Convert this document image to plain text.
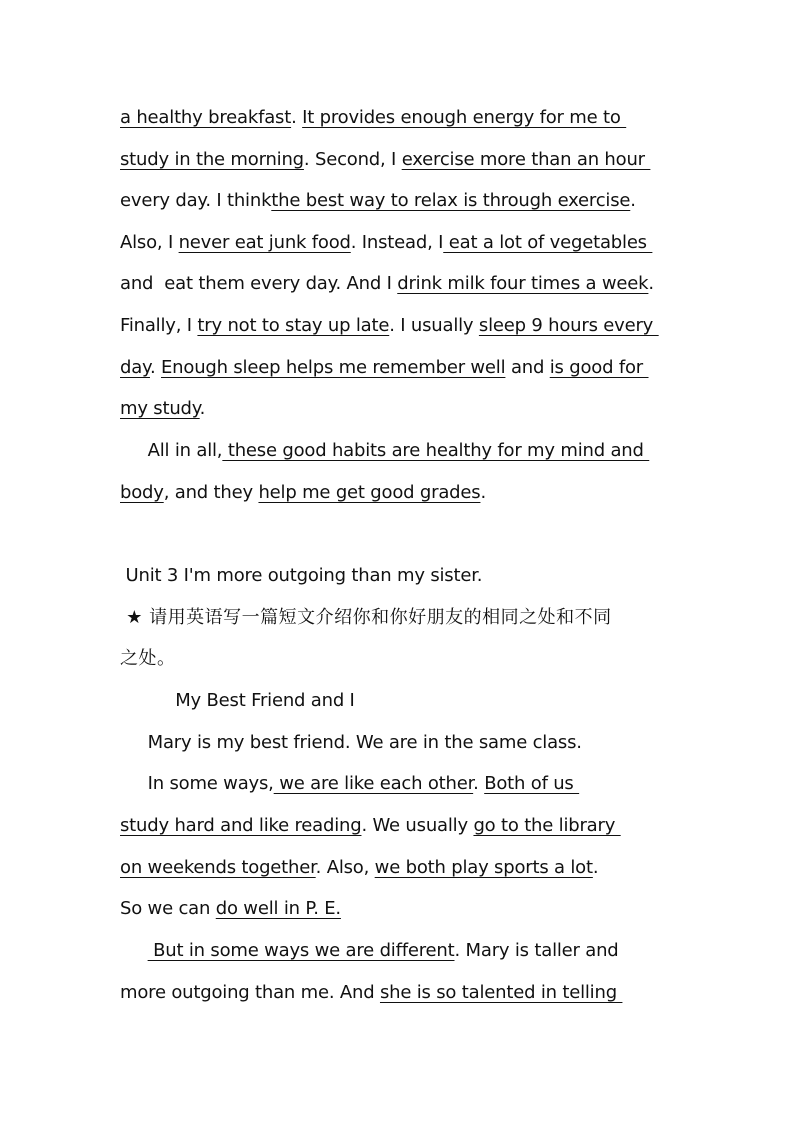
a healthy breakfast. It provides enough energy for me to
study in the morning. Second, I exercise more than an hour
every day. I thinkthe best way to relax is through exercise.
Also, I never eat junk food. Instead, I eat a lot of vegetables
and  eat them every day. And I drink milk four times a week.
Finally, I try not to stay up late. I usually sleep 9 hours every
day. Enough sleep helps me remember well and is good for
my study.
All in all, these good habits are healthy for my mind and
body, and they help me get good grades.
Unit 3 I'm more outgoing than my sister.
★ 请用英语写一篇短文介绍你和你好朋友的相同之处和不同
之处。
My Best Friend and I
Mary is my best friend. We are in the same class.
In some ways, we are like each other. Both of us
study hard and like reading. We usually go to the library
on weekends together. Also, we both play sports a lot.
So we can do well in P. E.
But in some ways we are different. Mary is taller and
more outgoing than me. And she is so talented in telling
